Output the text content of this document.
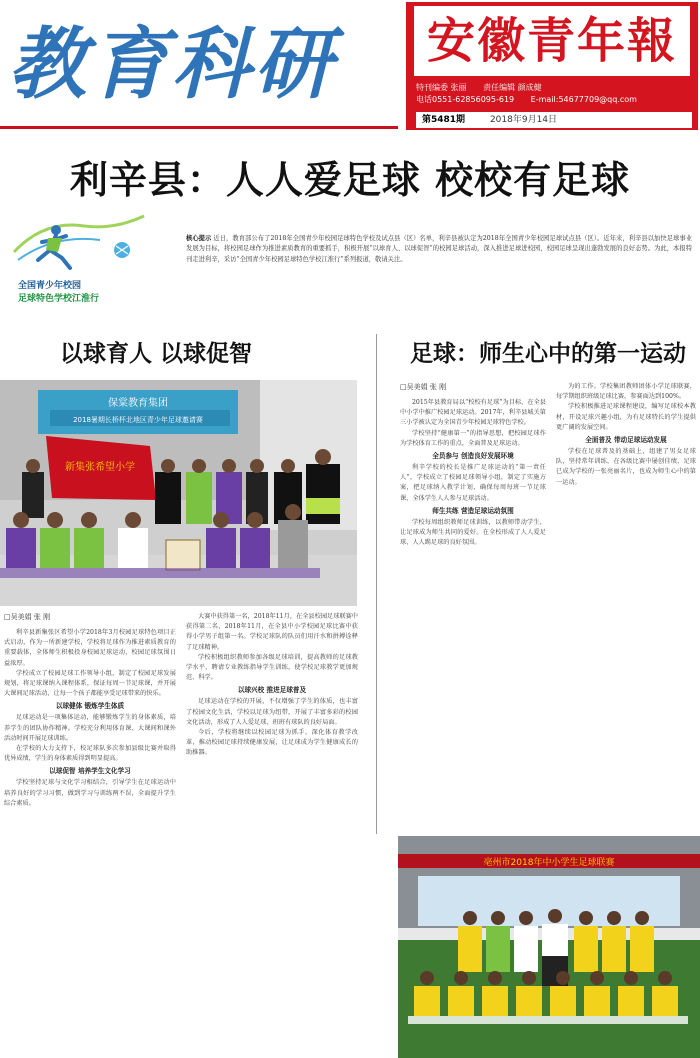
教育科研	安徽青年報
特刊编委 张丽 责任编辑 颜成健
电话0551-62856095-619 E-mail:54677709@qq.com
第5481期	2018年9月14日
利辛县：人人爱足球 校校有足球
全国青少年校园
足球特色学校江淮行
核心提示 近日，教育部公布了2018年全国青少年校园足球特色学校及试点县（区）名单，利辛县被认定为2018年全国青少年校园足球试点县（区）。近年来，利辛县以加快足球事业发展为目标，将校园足球作为推进素质教育的重要抓手，积极开展“以球育人、以球促智”的校园足球活动，深入推进足球进校园，校园足球呈现出蓬勃发展的良好态势。为此，本报特刊走进利辛，采访“全国青少年校园足球特色学校江淮行”系列报道，敬请关注。
以球育人 以球促智	足球：师生心中的第一运动
保棠教育集团
2018暑期长桥杯北地区青少年足球邀请赛
新集张希望小学
□吴美娟 张 刚

利辛县新集张区希望小学2018年3月校园足球特色项目正式启动，作为一所新建学校，学校将足球作为推进素质教育的重要载体，全体师生积极投身校园足球运动，校园足球氛围日益浓厚。

学校成立了校园足球工作领导小组，制定了校园足球发展规划，将足球课纳入课程体系，保证每周一节足球课，并开展大课间足球活动，让每一个孩子都能享受足球带来的快乐。

以球健体 锻炼学生体质

足球运动是一项集体运动，能够锻炼学生的身体素质，培养学生的团队协作精神。学校充分利用体育课、大课间和课外活动时间开展足球训练。

在学校的大力支持下，校足球队多次参加县级比赛并取得优异成绩，学生的身体素质得到明显提高。

以球促智 培养学生文化学习

学校坚持足球与文化学习相结合，引导学生在足球运动中培养良好的学习习惯，做到学习与训练两不误，全面提升学生综合素质。

大赛中获得第一名，2018年11月，在全县校园足球联赛中获得第二名，2018年11月，在全县中小学校园足球比赛中获得小学男子组第一名。学校足球队的队员们用汗水和拼搏诠释了足球精神。

学校积极组织教师参加各级足球培训，提高教师的足球教学水平，聘请专业教练指导学生训练，使学校足球教学更加规范、科学。

以球兴校 推进足球普及

足球运动在学校的开展，不仅增强了学生的体质，也丰富了校园文化生活，学校以足球为纽带，开展了丰富多彩的校园文化活动，形成了人人爱足球、班班有球队的良好局面。

今后，学校将继续以校园足球为抓手，深化体育教学改革，推动校园足球持续健康发展，让足球成为学生健康成长的助推器。

□吴美娟 张 刚

2015年县教育局以“校校有足球”为目标，在全县中小学中推广校园足球运动。2017年，利辛县城关第三小学被认定为全国青少年校园足球特色学校。

学校坚持“健康第一”的指导思想，把校园足球作为学校体育工作的重点，全面普及足球运动。

全员参与 创造良好发展环境

利辛学校的校长是推广足球运动的“第一责任人”，学校成立了校园足球领导小组，制定了实施方案，把足球纳入教学计划，确保每周每班一节足球课，全体学生人人参与足球活动。

师生共练 营造足球运动氛围

学校每周组织教师足球训练，以教师带动学生，让足球成为师生共同的爱好。在全校形成了人人爱足球、人人踢足球的良好氛围。

为的工作。学校集团教师团体小学足球联赛，每学期组织班级足球比赛，参赛面达到100%。

学校积极推进足球课程建设，编写足球校本教材，开设足球兴趣小组，为有足球特长的学生提供更广阔的发展空间。

全面普及 带动足球运动发展

学校在足球普及的基础上，组建了男女足球队，坚持常年训练，在各级比赛中屡创佳绩，足球已成为学校的一张亮丽名片，也成为师生心中的第一运动。

亳州市2018年中小学生足球联赛
